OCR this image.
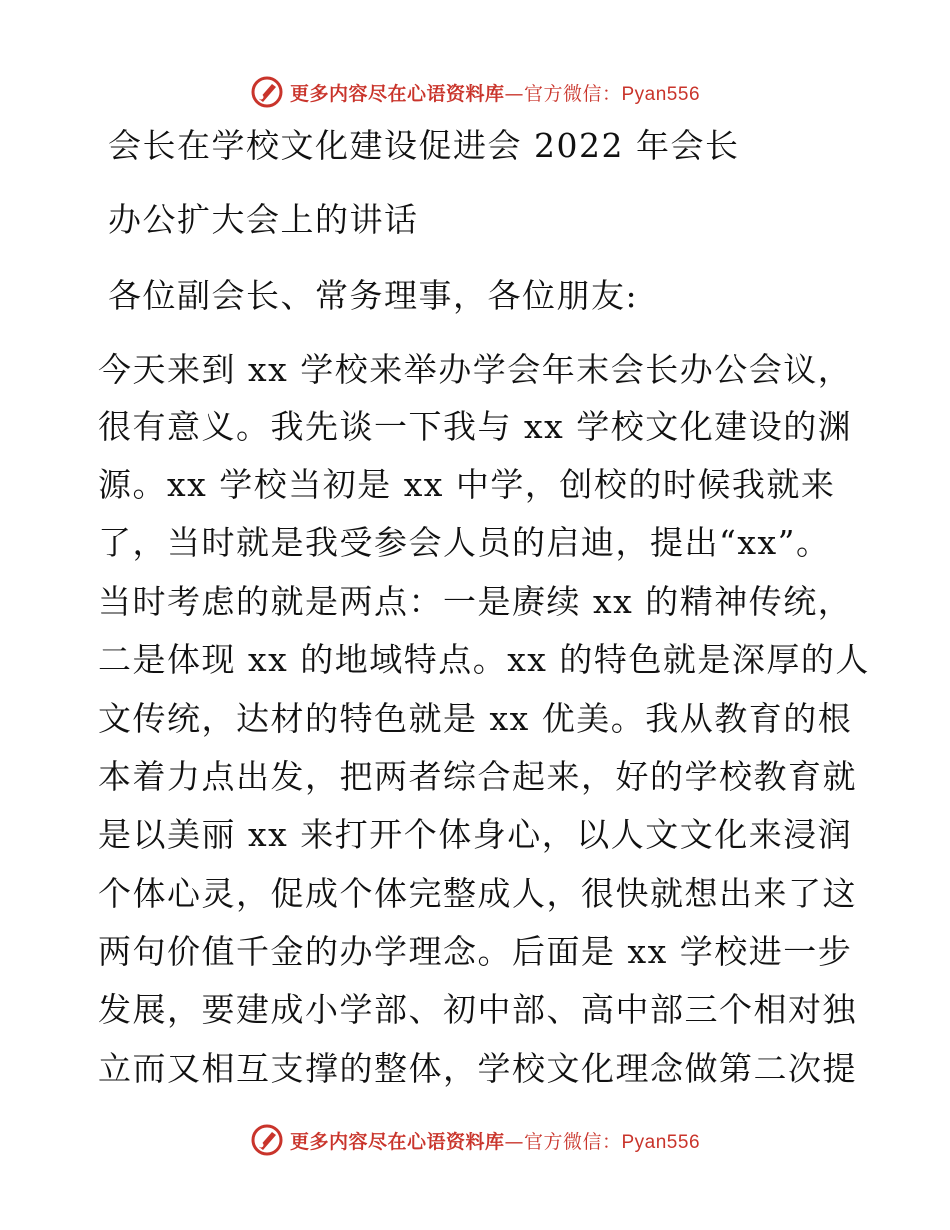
更多内容尽在心语资料库—官方微信：Pyan556
会长在学校文化建设促进会 2022 年会长
办公扩大会上的讲话
各位副会长、常务理事，各位朋友:
今天来到 xx 学校来举办学会年末会长办公会议，
很有意义。我先谈一下我与 xx 学校文化建设的渊
源。xx 学校当初是 xx 中学，创校的时候我就来
了，当时就是我受参会人员的启迪，提出“xx”。
当时考虑的就是两点：一是赓续 xx 的精神传统，
二是体现 xx 的地域特点。xx 的特色就是深厚的人
文传统，达材的特色就是 xx 优美。我从教育的根
本着力点出发，把两者综合起来，好的学校教育就
是以美丽 xx 来打开个体身心，以人文文化来浸润
个体心灵，促成个体完整成人，很快就想出来了这
两句价值千金的办学理念。后面是 xx 学校进一步
发展，要建成小学部、初中部、高中部三个相对独
立而又相互支撑的整体，学校文化理念做第二次提
更多内容尽在心语资料库—官方微信：Pyan556
